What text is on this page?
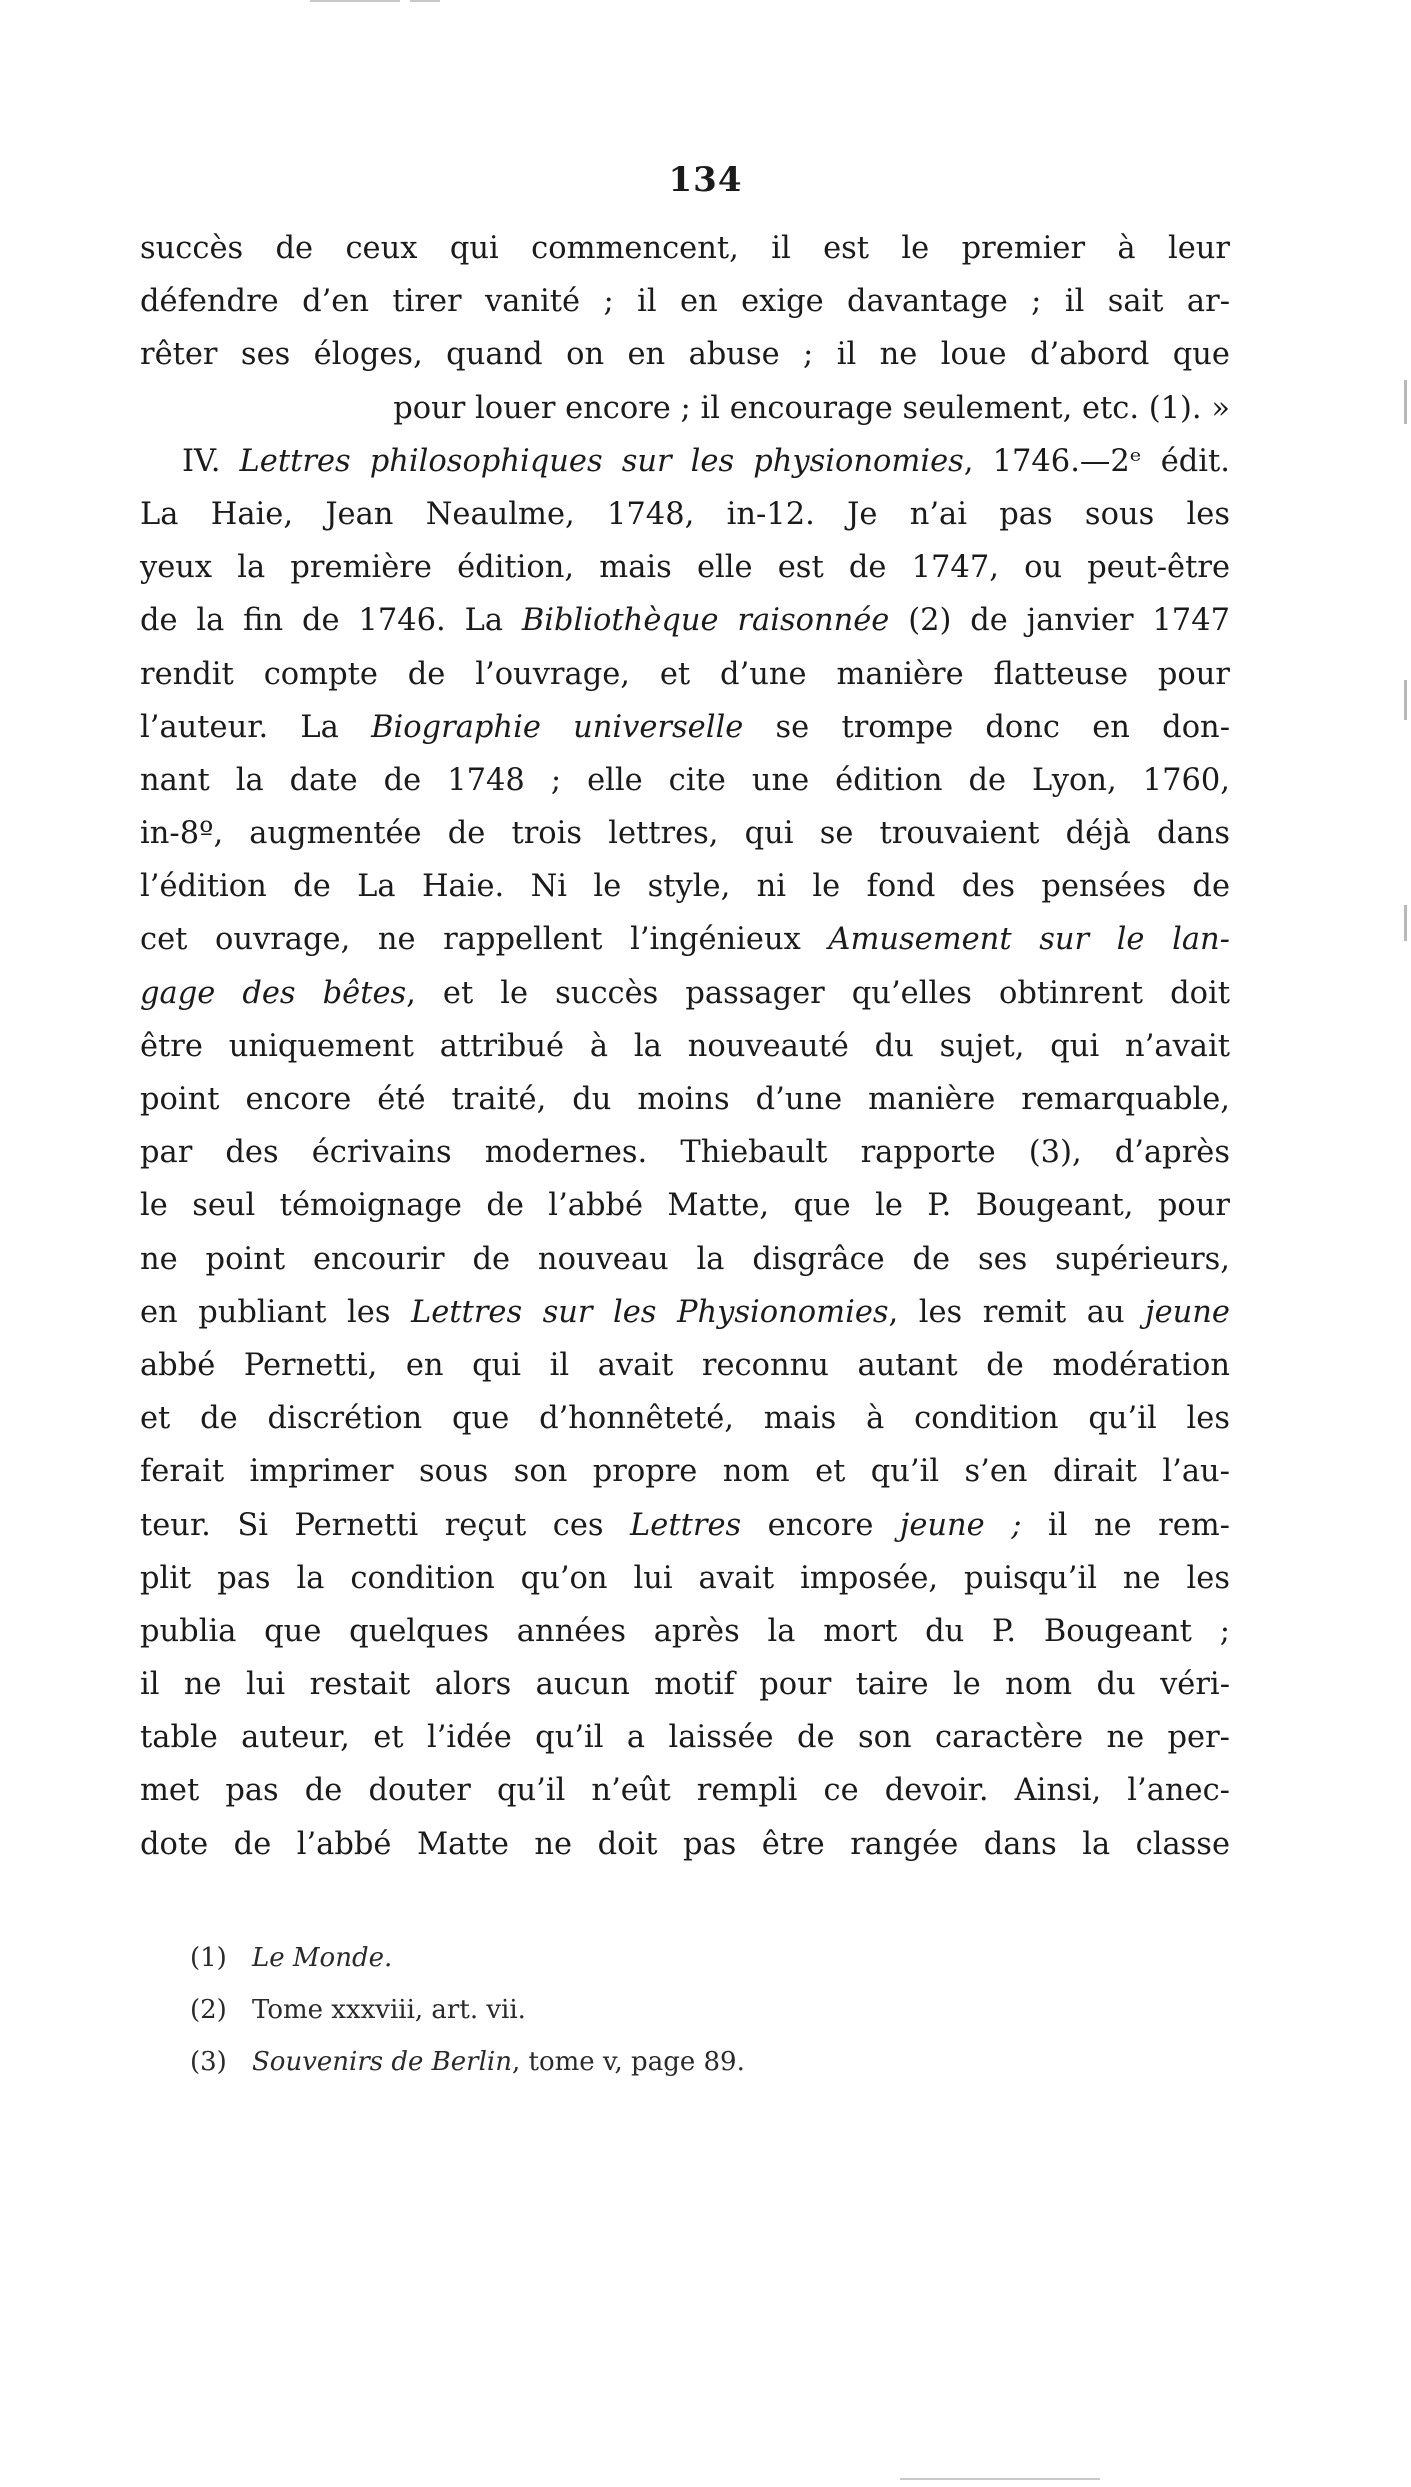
134
succès de ceux qui commencent, il est le premier à leur
défendre d’en tirer vanité ; il en exige davantage ; il sait ar-
rêter ses éloges, quand on en abuse ; il ne loue d’abord que
pour louer encore ; il encourage seulement, etc. (1). »
IV. Lettres philosophiques sur les physionomies, 1746.—2ᵉ édit.
La Haie, Jean Neaulme, 1748, in-12. Je n’ai pas sous les
yeux la première édition, mais elle est de 1747, ou peut-être
de la fin de 1746. La Bibliothèque raisonnée (2) de janvier 1747
rendit compte de l’ouvrage, et d’une manière flatteuse pour
l’auteur. La Biographie universelle se trompe donc en don-
nant la date de 1748 ; elle cite une édition de Lyon, 1760,
in-8º, augmentée de trois lettres, qui se trouvaient déjà dans
l’édition de La Haie. Ni le style, ni le fond des pensées de
cet ouvrage, ne rappellent l’ingénieux Amusement sur le lan-
gage des bêtes, et le succès passager qu’elles obtinrent doit
être uniquement attribué à la nouveauté du sujet, qui n’avait
point encore été traité, du moins d’une manière remarquable,
par des écrivains modernes. Thiebault rapporte (3), d’après
le seul témoignage de l’abbé Matte, que le P. Bougeant, pour
ne point encourir de nouveau la disgrâce de ses supérieurs,
en publiant les Lettres sur les Physionomies, les remit au jeune
abbé Pernetti, en qui il avait reconnu autant de modération
et de discrétion que d’honnêteté, mais à condition qu’il les
ferait imprimer sous son propre nom et qu’il s’en dirait l’au-
teur. Si Pernetti reçut ces Lettres encore jeune ; il ne rem-
plit pas la condition qu’on lui avait imposée, puisqu’il ne les
publia que quelques années après la mort du P. Bougeant ;
il ne lui restait alors aucun motif pour taire le nom du véri-
table auteur, et l’idée qu’il a laissée de son caractère ne per-
met pas de douter qu’il n’eût rempli ce devoir. Ainsi, l’anec-
dote de l’abbé Matte ne doit pas être rangée dans la classe
(1) Le Monde.
(2) Tome xxxviii, art. vii.
(3) Souvenirs de Berlin, tome v, page 89.
